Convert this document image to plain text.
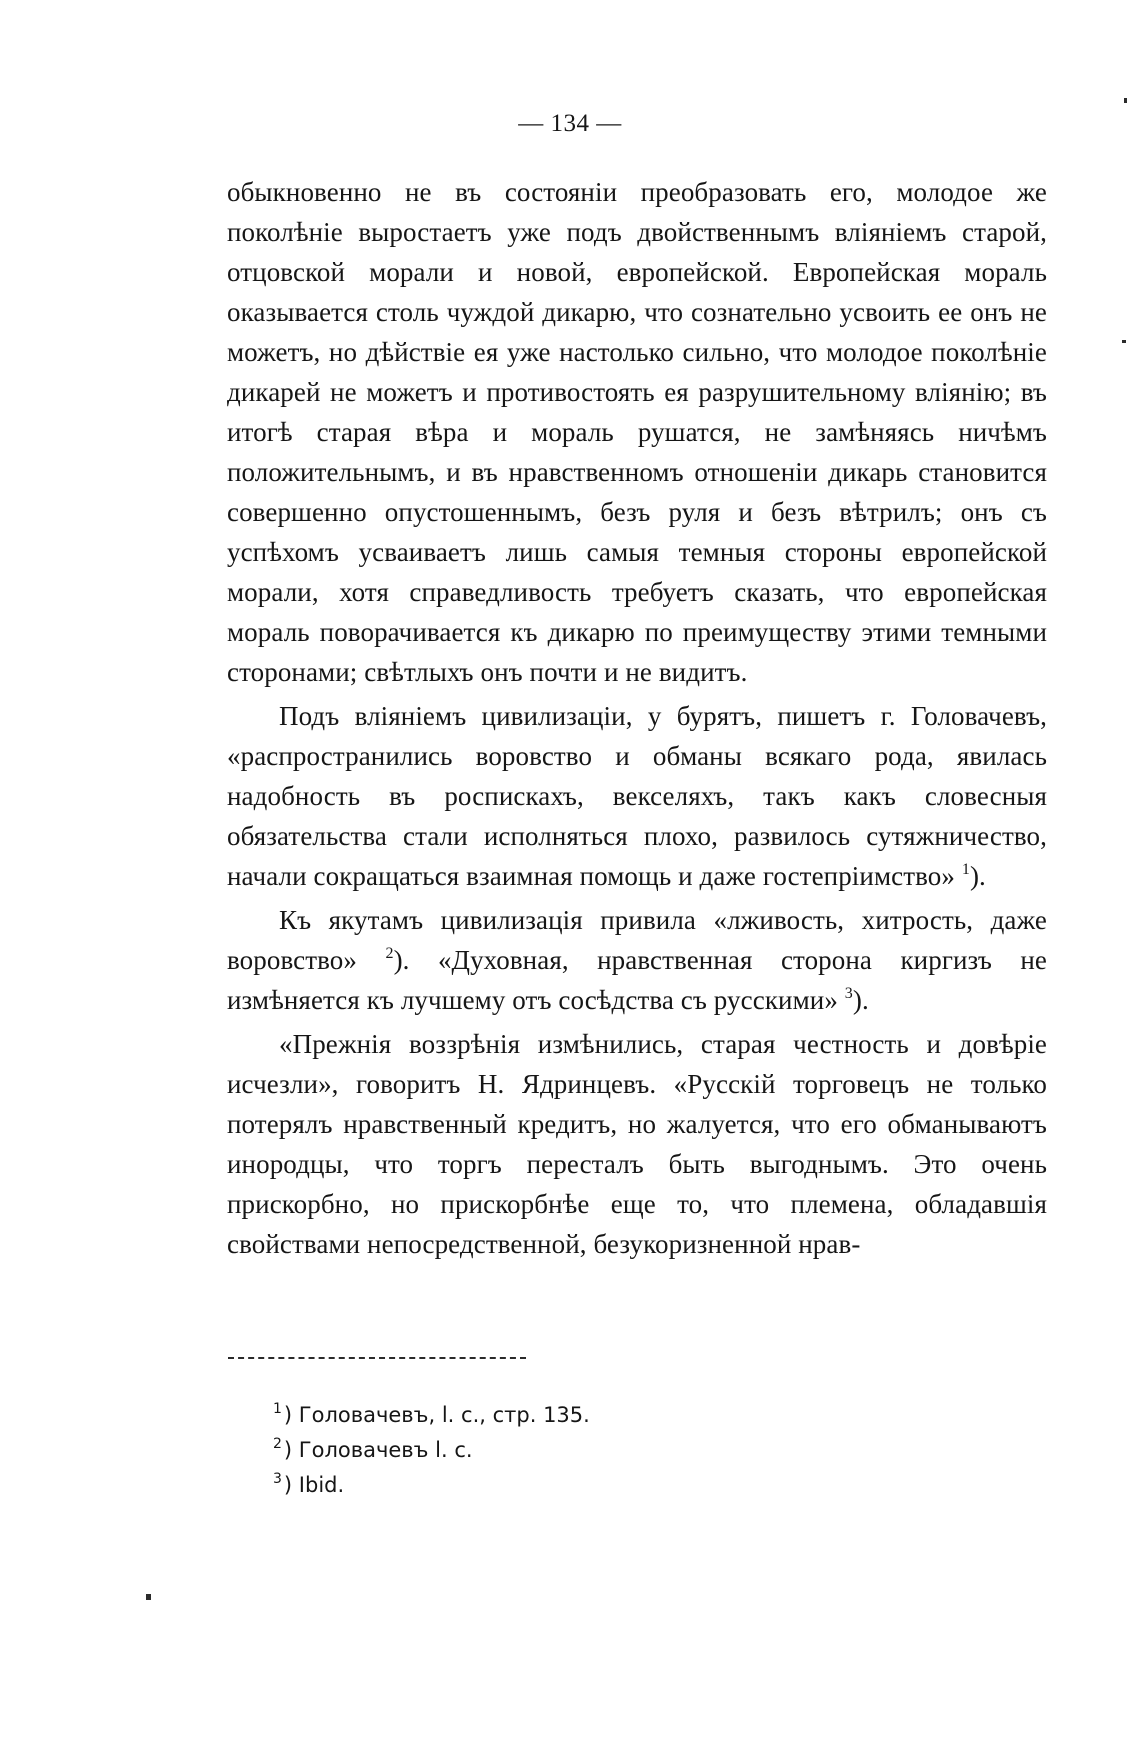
— 134 —

обыкновенно не въ состоянiи преобразовать его, молодое же поколѣнiе выростаетъ уже подъ двойственнымъ влiянiемъ старой, отцовской морали и новой, европейской. Европейская мораль оказывается столь чуждой дикарю, что сознательно усвоить ее онъ не можетъ, но дѣйствiе ея уже настолько сильно, что молодое поколѣнiе дикарей не можетъ и противостоять ея разрушительному влiянiю; въ итогѣ старая вѣра и мораль рушатся, не замѣняясь ничѣмъ положительнымъ, и въ нравственномъ отношенiи дикарь становится совершенно опустошеннымъ, безъ руля и безъ вѣтрилъ; онъ съ успѣхомъ усваиваетъ лишь самыя темныя стороны европейской морали, хотя справедливость требуетъ сказать, что европейская мораль поворачивается къ дикарю по преимуществу этими темными сторонами; свѣтлыхъ онъ почти и не видитъ.

Подъ влiянiемъ цивилизацiи, у бурятъ, пишетъ г. Головачевъ, «распространились воровство и обманы всякаго рода, явилась надобность въ роспискахъ, векселяхъ, такъ какъ словесныя обязательства стали исполняться плохо, развилось сутяжничество, начали сокращаться взаимная помощь и даже гостепрiимство» $^1$).

Къ якутамъ цивилизацiя привила «лживость, хитрость, даже воровство» $^2$). «Духовная, нравственная сторона киргизъ не измѣняется къ лучшему отъ сосѣдства съ русскими» $^3$).

«Прежнiя воззрѣнiя измѣнились, старая честность и довѣрiе исчезли», говоритъ Н. Ядринцевъ. «Русскiй торговецъ не только потерялъ нравственный кредитъ, но жалуется, что его обманываютъ инородцы, что торгъ пересталъ быть выгоднымъ. Это очень прискорбно, но прискорбнѣе еще то, что племена, обладавшiя свойствами непосредственной, безукоризненной нрав-

$^1$) Головачевъ, l. c., стр. 135.
$^2$) Головачевъ l. c.
$^3$) Ibid.
